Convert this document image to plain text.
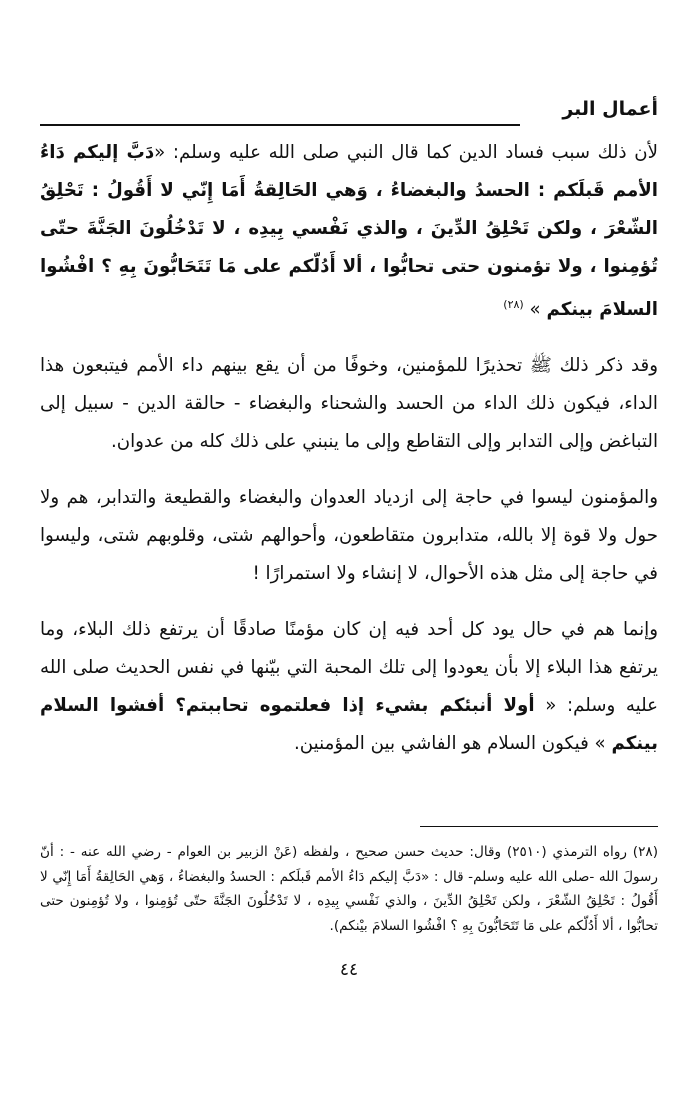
أعمال البر

لأن ذلك سبب فساد الدين كما قال النبي صلى الله عليه وسلم: «دَبَّ إليكم دَاءُ الأمم قَبلَكم : الحسدُ والبغضاءُ ، وَهي الحَالِقةُ أَمَا إِنّي لا أَقُولُ : تَحْلِقُ الشّعْرَ ، ولكن تَحْلِقُ الدِّينَ ، والذي نَفْسي بِيدِه ، لا تَدْخُلُونَ الجَنَّةَ حتّى تُؤمِنوا ، ولا تؤمنون حتى تحابُّوا ، ألا أَدُلّكم على مَا تَتَحَابُّونَ بِهِ ؟ افْشُوا السلامَ بينكم » $^{(٢٨)}$

وقد ذكر ذلك ﷺ تحذيرًا للمؤمنين، وخوفًا من أن يقع بينهم داء الأمم فيتبعون هذا الداء، فيكون ذلك الداء من الحسد والشحناء والبغضاء - حالقة الدين - سبيل إلى التباغض وإلى التدابر وإلى التقاطع وإلى ما ينبني على ذلك كله من عدوان.

والمؤمنون ليسوا في حاجة إلى ازدياد العدوان والبغضاء والقطيعة والتدابر، هم ولا حول ولا قوة إلا بالله، متدابرون متقاطعون، وأحوالهم شتى، وقلوبهم شتى، وليسوا في حاجة إلى مثل هذه الأحوال، لا إنشاء ولا استمرارًا !

وإنما هم في حال يود كل أحد فيه إن كان مؤمنًا صادقًا أن يرتفع ذلك البلاء، وما يرتفع هذا البلاء إلا بأن يعودوا إلى تلك المحبة التي بيّنها في نفس الحديث صلى الله عليه وسلم: « أولا أنبئكم بشيء إذا فعلتموه تحاببتم؟ أفشوا السلام بينكم » فيكون السلام هو الفاشي بين المؤمنين.

(٢٨) رواه الترمذي (٢٥١٠) وقال: حديث حسن صحيح ، ولفظه (عَنْ الزبير بن العوام - رضي الله عنه - : أنّ رسولَ الله -صلى الله عليه وسلم- قال : «دَبَّ إليكم دَاءُ الأمم قَبلَكم : الحسدُ والبغضاءُ ، وَهي الحَالِقةُ أَمَا إِنّي لا أَقُولُ : تَحْلِقُ الشّعْرَ ، ولكن تَحْلِقُ الدِّينَ ، والذي نَفْسي بِيدِه ، لا تَدْخُلُونَ الجَنَّةَ حتّى تُؤمِنوا ، ولا تُؤمِنون حتى تحابُّوا ، ألا أَدُلّكم على مَا تَتَحَابُّونَ بِهِ ؟ افْشُوا السلامَ بيْنكم).
٤٤
